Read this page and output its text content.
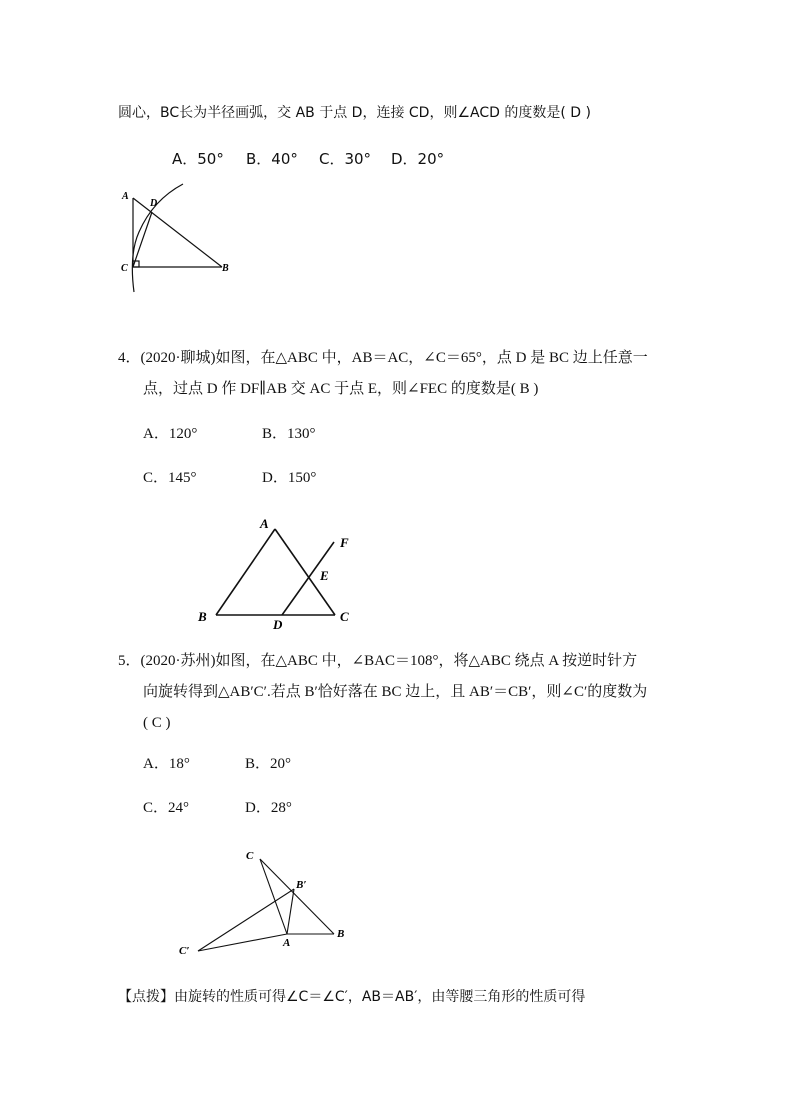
圆心，BC长为半径画弧，交 AB 于点 D，连接 CD，则∠ACD 的度数是( D )
A．50° B．40° C．30° D．20°
A
D
C	B
4．(2020·聊城)如图，在△ABC 中，AB＝AC，∠C＝65°，点 D 是 BC 边上任意一
点，过点 D 作 DF∥AB 交 AC 于点 E，则∠FEC 的度数是( B )
A．120°	B．130°
C．145°	D．150°
A
F
E
B
D
C
5．(2020·苏州)如图，在△ABC 中，∠BAC＝108°，将△ABC 绕点 A 按逆时针方
向旋转得到△AB′C′.若点 B′恰好落在 BC 边上，且 AB′＝CB′，则∠C′的度数为
( C )
A．18°	B．20°
C．24°	D．28°
C
B′
B
A
C′
【点拨】由旋转的性质可得∠C＝∠C′，AB＝AB′，由等腰三角形的性质可得
